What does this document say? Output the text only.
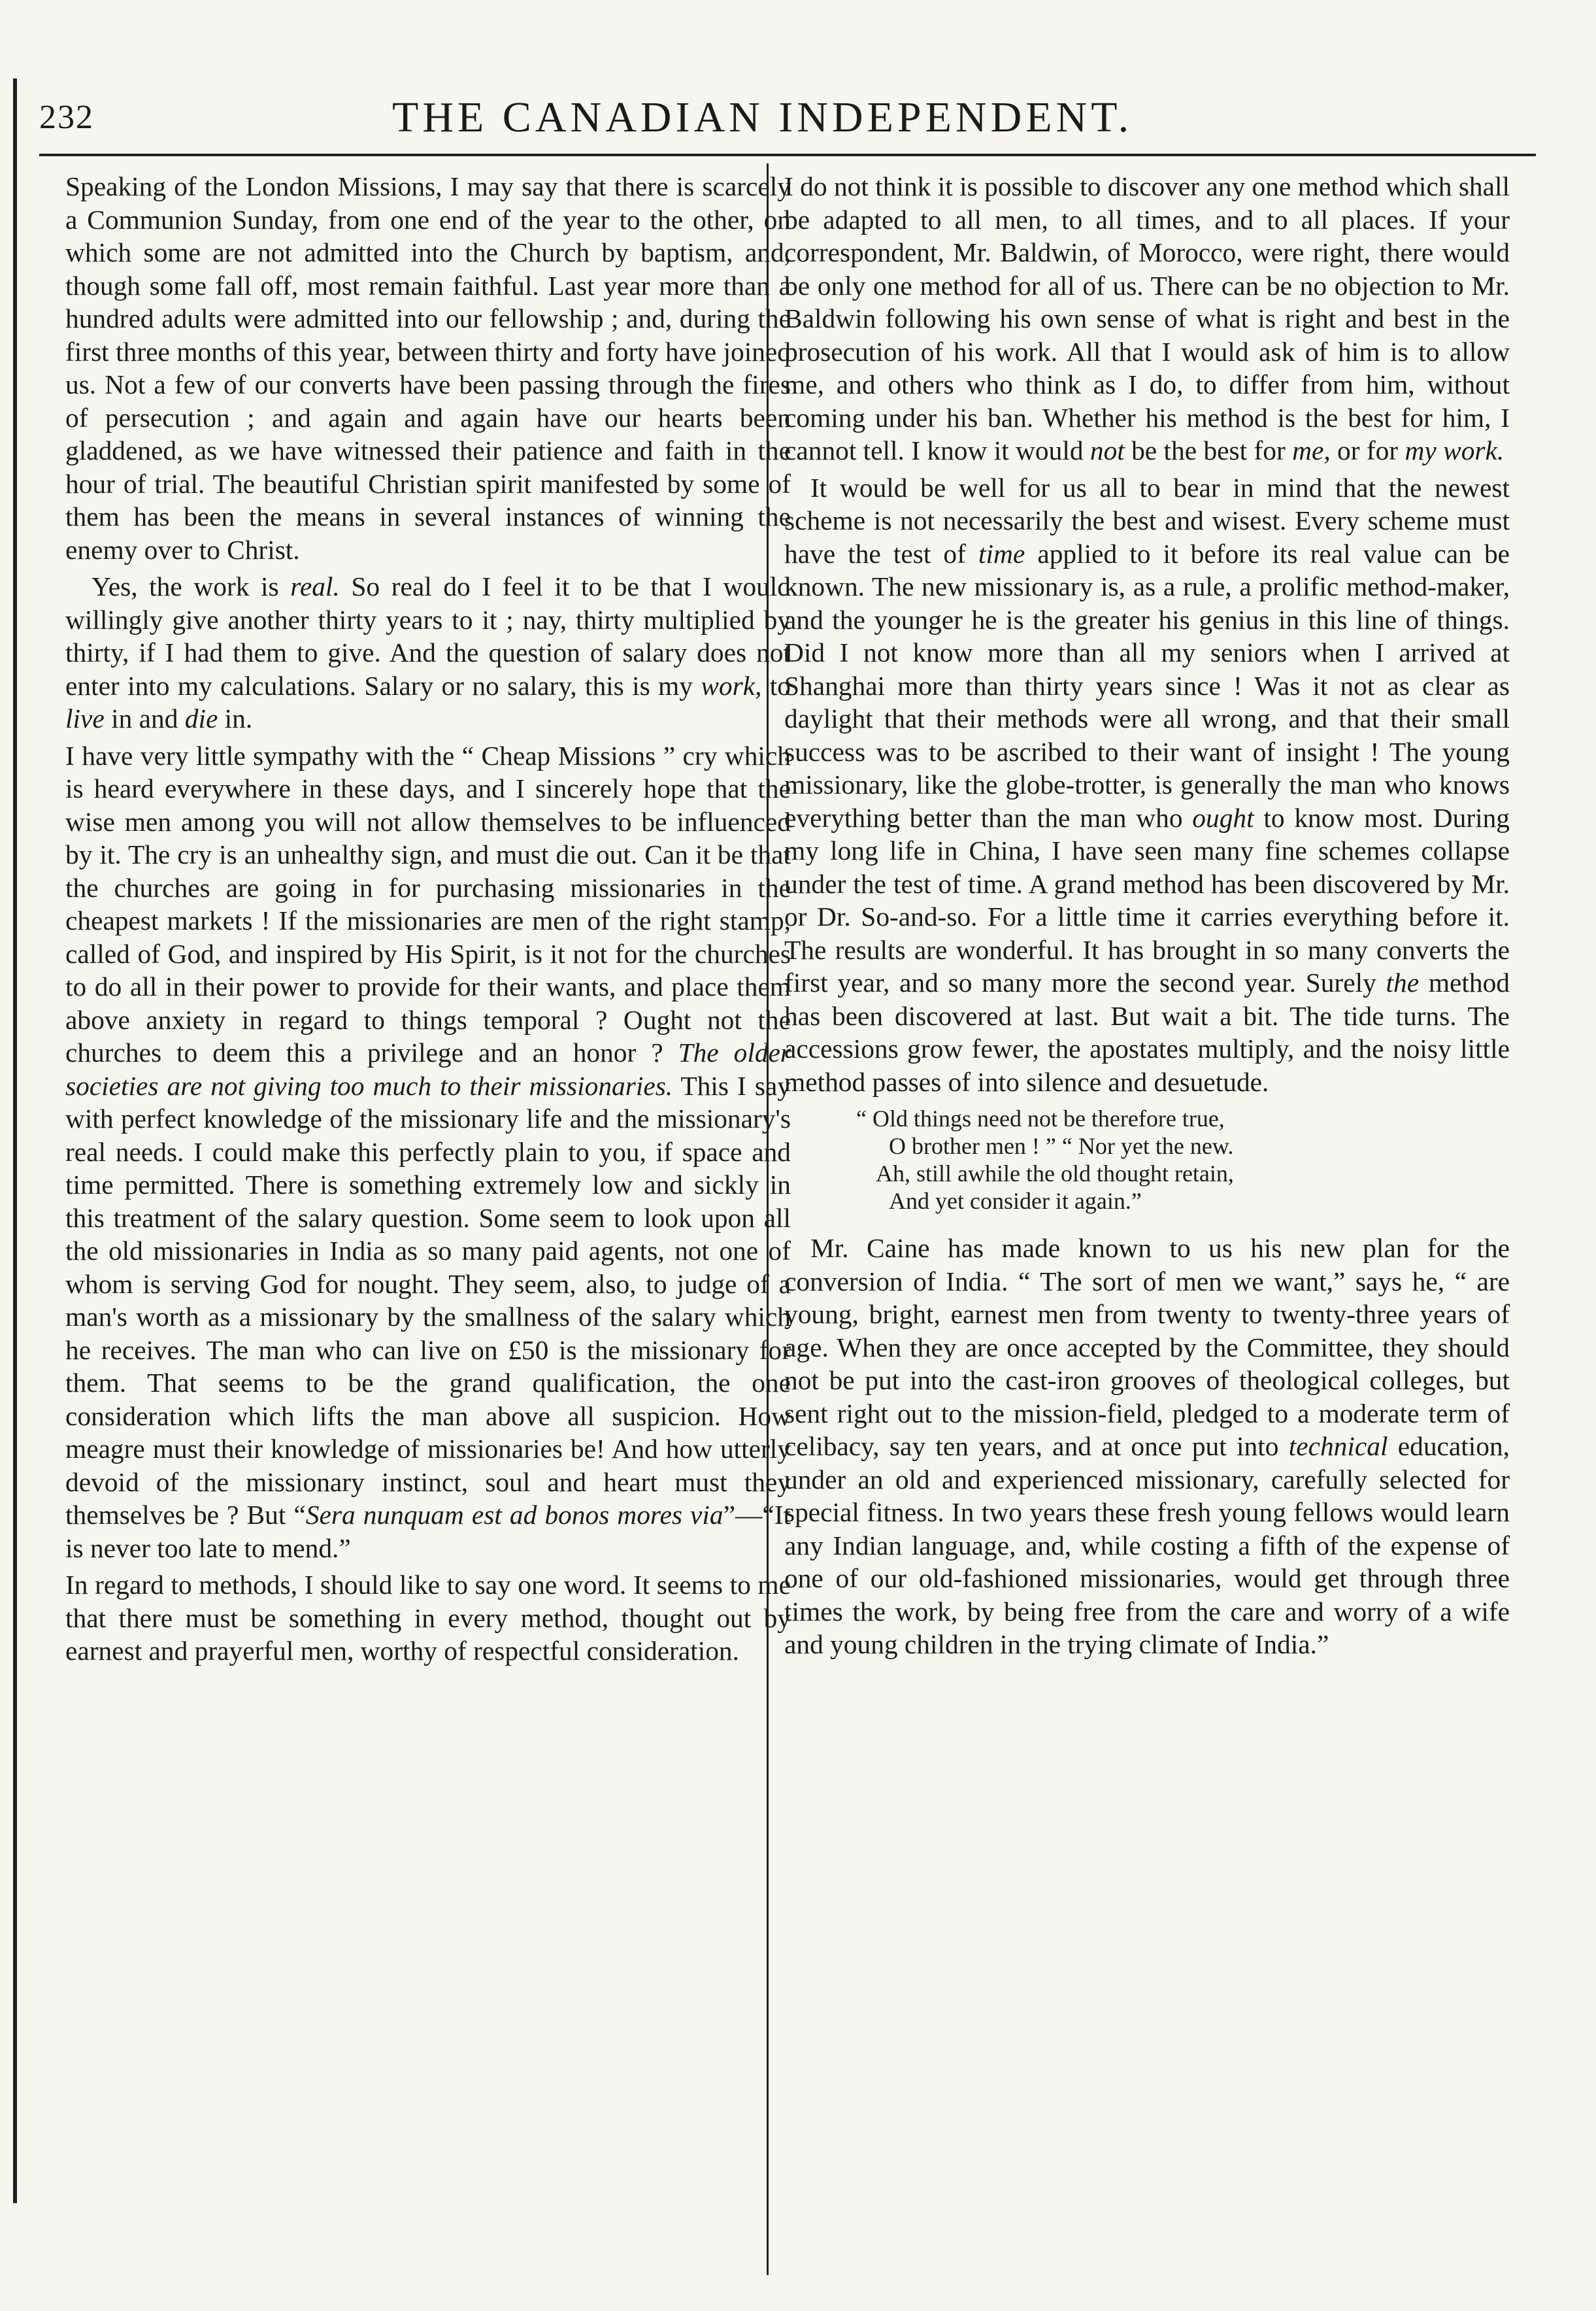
232	THE CANADIAN INDEPENDENT.

Speaking of the London Missions, I may say that there is scarcely a Communion Sunday, from one end of the year to the other, on which some are not admitted into the Church by baptism, and, though some fall off, most remain faithful. Last year more than a hundred adults were admitted into our fellowship ; and, during the first three months of this year, between thirty and forty have joined us. Not a few of our converts have been passing through the fires of persecution ; and again and again have our hearts been gladdened, as we have witnessed their patience and faith in the hour of trial. The beautiful Christian spirit manifested by some of them has been the means in several instances of winning the enemy over to Christ.

Yes, the work is real. So real do I feel it to be that I would willingly give another thirty years to it ; nay, thirty multiplied by thirty, if I had them to give. And the question of salary does not enter into my calculations. Salary or no salary, this is my work, to live in and die in.

I have very little sympathy with the “ Cheap Missions ” cry which is heard everywhere in these days, and I sincerely hope that the wise men among you will not allow themselves to be influenced by it. The cry is an unhealthy sign, and must die out. Can it be that the churches are going in for purchasing missionaries in the cheapest markets ! If the missionaries are men of the right stamp, called of God, and inspired by His Spirit, is it not for the churches to do all in their power to provide for their wants, and place them above anxiety in regard to things temporal ? Ought not the churches to deem this a privilege and an honor ? The older societies are not giving too much to their missionaries. This I say with perfect knowledge of the missionary life and the missionary's real needs. I could make this perfectly plain to you, if space and time permitted. There is something extremely low and sickly in this treatment of the salary question. Some seem to look upon all the old missionaries in India as so many paid agents, not one of whom is serving God for nought. They seem, also, to judge of a man's worth as a missionary by the smallness of the salary which he receives. The man who can live on £50 is the missionary for them. That seems to be the grand qualification, the one consideration which lifts the man above all suspicion. How meagre must their knowledge of missionaries be! And how utterly devoid of the missionary instinct, soul and heart must they themselves be ? But “Sera nunquam est ad bonos mores via”—“It is never too late to mend.”

In regard to methods, I should like to say one word. It seems to me that there must be something in every method, thought out by earnest and prayerful men, worthy of respectful consideration.

I do not think it is possible to discover any one method which shall be adapted to all men, to all times, and to all places. If your correspondent, Mr. Baldwin, of Morocco, were right, there would be only one method for all of us. There can be no objection to Mr. Baldwin following his own sense of what is right and best in the prosecution of his work. All that I would ask of him is to allow me, and others who think as I do, to differ from him, without coming under his ban. Whether his method is the best for him, I cannot tell. I know it would not be the best for me, or for my work.

It would be well for us all to bear in mind that the newest scheme is not necessarily the best and wisest. Every scheme must have the test of time applied to it before its real value can be known. The new missionary is, as a rule, a prolific method-maker, and the younger he is the greater his genius in this line of things. Did I not know more than all my seniors when I arrived at Shanghai more than thirty years since ! Was it not as clear as daylight that their methods were all wrong, and that their small success was to be ascribed to their want of insight ! The young missionary, like the globe-trotter, is generally the man who knows everything better than the man who ought to know most. During my long life in China, I have seen many fine schemes collapse under the test of time. A grand method has been discovered by Mr. or Dr. So-and-so. For a little time it carries everything before it. The results are wonderful. It has brought in so many converts the first year, and so many more the second year. Surely the method has been discovered at last. But wait a bit. The tide turns. The accessions grow fewer, the apostates multiply, and the noisy little method passes of into silence and desuetude.

“ Old things need not be therefore true,
O brother men ! ” “ Nor yet the new.
Ah, still awhile the old thought retain,
And yet consider it again.”

Mr. Caine has made known to us his new plan for the conversion of India. “ The sort of men we want,” says he, “ are young, bright, earnest men from twenty to twenty-three years of age. When they are once accepted by the Committee, they should not be put into the cast-iron grooves of theological colleges, but sent right out to the mission-field, pledged to a moderate term of celibacy, say ten years, and at once put into technical education, under an old and experienced missionary, carefully selected for special fitness. In two years these fresh young fellows would learn any Indian language, and, while costing a fifth of the expense of one of our old-fashioned missionaries, would get through three times the work, by being free from the care and worry of a wife and young children in the trying climate of India.”
